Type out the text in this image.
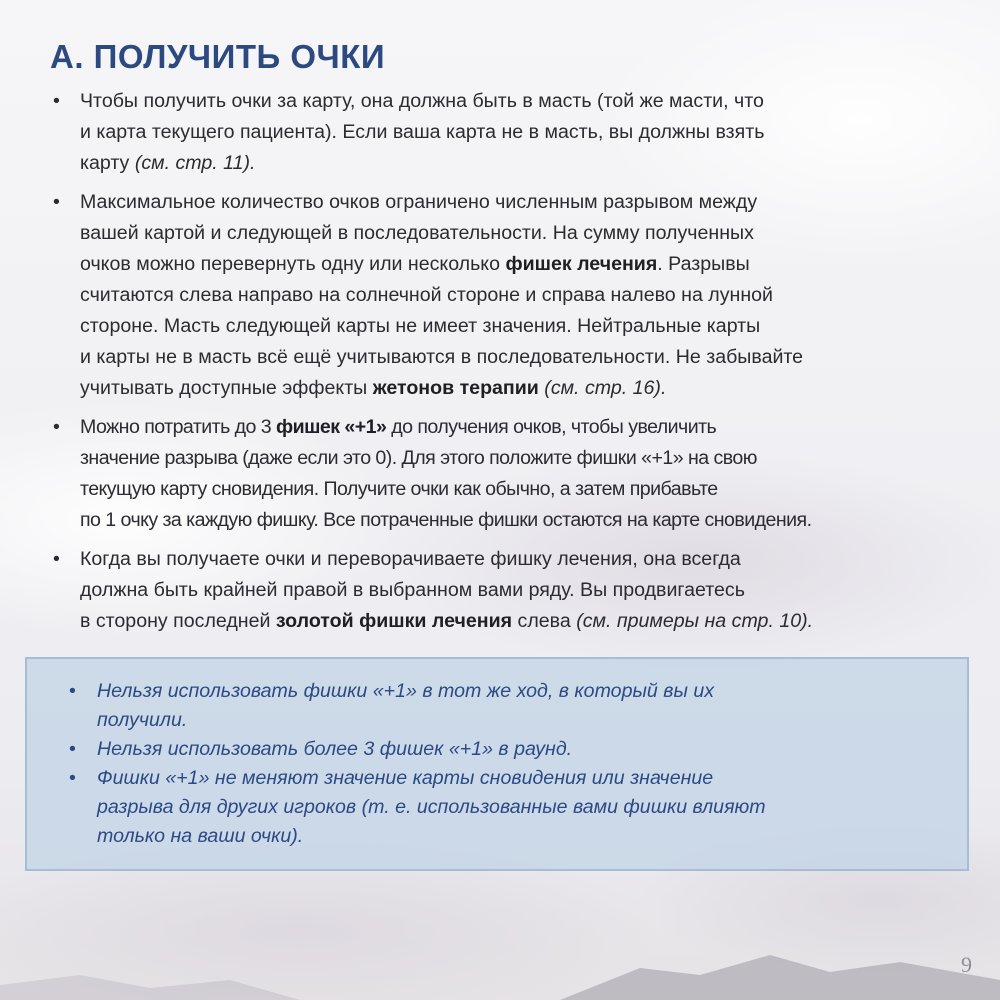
А. ПОЛУЧИТЬ ОЧКИ
• Чтобы получить очки за карту, она должна быть в масть (той же масти, что
и карта текущего пациента). Если ваша карта не в масть, вы должны взять
карту (см. стр. 11).
• Максимальное количество очков ограничено численным разрывом между
вашей картой и следующей в последовательности. На сумму полученных
очков можно перевернуть одну или несколько фишек лечения. Разрывы
считаются слева направо на солнечной стороне и справа налево на лунной
стороне. Масть следующей карты не имеет значения. Нейтральные карты
и карты не в масть всё ещё учитываются в последовательности. Не забывайте
учитывать доступные эффекты жетонов терапии (см. стр. 16).
• Можно потратить до 3 фишек «+1» до получения очков, чтобы увеличить
значение разрыва (даже если это 0). Для этого положите фишки «+1» на свою
текущую карту сновидения. Получите очки как обычно, а затем прибавьте
по 1 очку за каждую фишку. Все потраченные фишки остаются на карте сновидения.
• Когда вы получаете очки и переворачиваете фишку лечения, она всегда
должна быть крайней правой в выбранном вами ряду. Вы продвигаетесь
в сторону последней золотой фишки лечения слева (см. примеры на стр. 10).
• Нельзя использовать фишки «+1» в тот же ход, в который вы их
получили.
• Нельзя использовать более 3 фишек «+1» в раунд.
• Фишки «+1» не меняют значение карты сновидения или значение
разрыва для других игроков (т. е. использованные вами фишки влияют
только на ваши очки).
9
